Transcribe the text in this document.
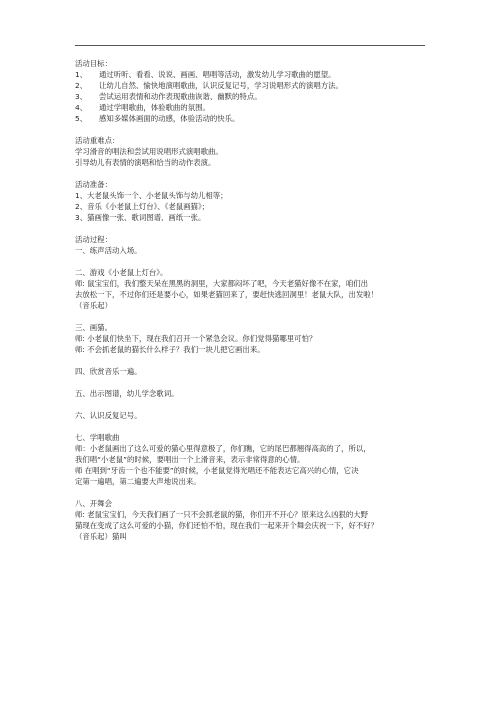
活动目标：
1、 通过听听、看看、说说、画画、唱唱等活动，激发幼儿学习歌曲的愿望。
2、 让幼儿自然、愉快地演唱歌曲，认识反复记号，学习说唱形式的演唱方法。
3、 尝试运用表情和动作表现歌曲诙谐、幽默的特点。
4、 通过学唱歌曲，体验歌曲的氛围。
5、 感知多媒体画面的动感，体验活动的快乐。
活动重难点：
学习滑音的唱法和尝试用说唱形式演唱歌曲。
引导幼儿有表情的演唱和恰当的动作表演。
活动准备：
1、大老鼠头饰一个、小老鼠头饰与幼儿相等；
2、音乐《小老鼠上灯台》、《老鼠画猫》；
3、猫画像一张、歌词图谱、画纸一张。
活动过程：
一、练声活动入场。
二、游戏《小老鼠上灯台》。
师: 鼠宝宝们，我们整天呆在黑黑的洞里，大家都闷坏了吧，今天老猫好像不在家，咱们出
去放松一下，不过你们还是要小心，如果老猫回来了，要赶快逃回洞里！老鼠大队，出发啦！
（音乐起）
三、画猫。
师: 小老鼠们快坐下，现在我们召开一个紧急会议。你们觉得猫哪里可怕？
师: 不会抓老鼠的猫长什么样子？我们一块儿把它画出来。
四、欣赏音乐一遍。
五、出示图谱，幼儿学念歌词。
六、认识反复记号。
七、学唱歌曲
师：小老鼠画出了这么可爱的猫心里得意极了，你们瞧，它的尾巴都翘得高高的了，所以，
我们唱“小老鼠”的时候，要唱出一个上滑音来，表示非常得意的心情。
师 在唱到“牙齿一个也不能要”的时候，小老鼠觉得光唱还不能表达它高兴的心情，它决
定第一遍唱，第二遍要大声地说出来。
八、开舞会
师: 老鼠宝宝们，今天我们画了一只不会抓老鼠的猫，你们开不开心？原来这么凶狠的大野
猫现在变成了这么可爱的小猫，你们还怕不怕，现在我们一起来开个舞会庆祝一下，好不好？
（音乐起）猫叫
